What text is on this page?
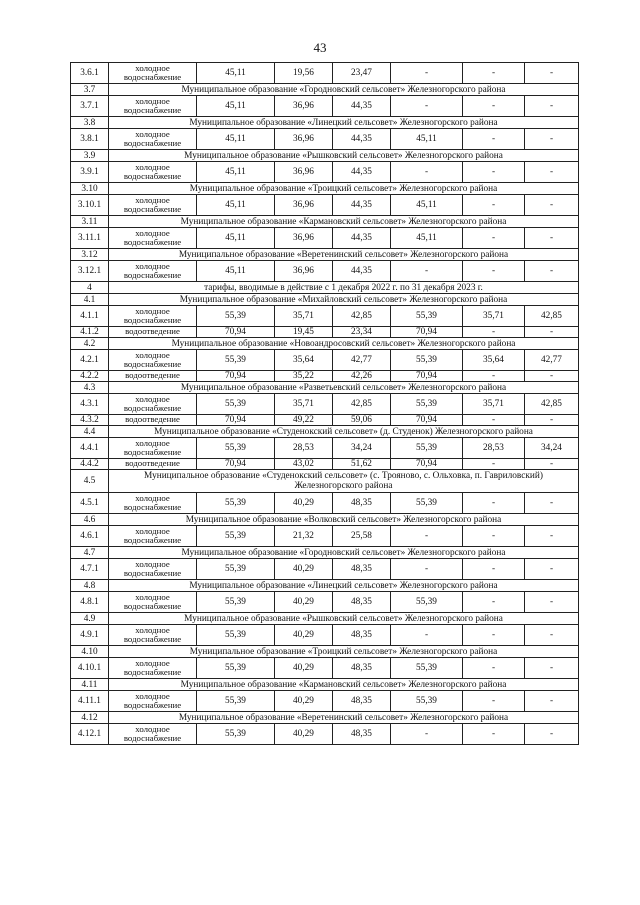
43
3.6.1	холодное водоснабжение	45,11	19,56	23,47	-	-	-
3.7	Муниципальное образование «Городновский сельсовет» Железногорского района						
3.7.1	холодное водоснабжение	45,11	36,96	44,35	-	-	-
3.8	Муниципальное образование «Линецкий сельсовет» Железногорского района						
3.8.1	холодное водоснабжение	45,11	36,96	44,35	45,11	-	-
3.9	Муниципальное образование «Рышковский сельсовет» Железногорского района						
3.9.1	холодное водоснабжение	45,11	36,96	44,35	-	-	-
3.10	Муниципальное образование «Троицкий сельсовет» Железногорского района						
3.10.1	холодное водоснабжение	45,11	36,96	44,35	45,11	-	-
3.11	Муниципальное образование «Кармановский сельсовет» Железногорского района						
3.11.1	холодное водоснабжение	45,11	36,96	44,35	45,11	-	-
3.12	Муниципальное образование «Веретенинский сельсовет» Железногорского района						
3.12.1	холодное водоснабжение	45,11	36,96	44,35	-	-	-
4	тарифы, вводимые в действие с 1 декабря 2022 г. по 31 декабря 2023 г.						
4.1	Муниципальное образование «Михайловский сельсовет» Железногорского района						
4.1.1	холодное водоснабжение	55,39	35,71	42,85	55,39	35,71	42,85
4.1.2	водоотведение	70,94	19,45	23,34	70,94	-	-
4.2	Муниципальное образование «Новоандросовский сельсовет» Железногорского района						
4.2.1	холодное водоснабжение	55,39	35,64	42,77	55,39	35,64	42,77
4.2.2	водоотведение	70,94	35,22	42,26	70,94	-	-
4.3	Муниципальное образование «Разветьевский сельсовет» Железногорского района						
4.3.1	холодное водоснабжение	55,39	35,71	42,85	55,39	35,71	42,85
4.3.2	водоотведение	70,94	49,22	59,06	70,94	-	-
4.4	Муниципальное образование «Студенокский сельсовет» (д. Студенок) Железногорского района						
4.4.1	холодное водоснабжение	55,39	28,53	34,24	55,39	28,53	34,24
4.4.2	водоотведение	70,94	43,02	51,62	70,94	-	-
4.5	Муниципальное образование «Студенокский сельсовет» (с. Трояново, с. Ольховка, п. Гавриловский) Железногорского района						
4.5.1	холодное водоснабжение	55,39	40,29	48,35	55,39	-	-
4.6	Муниципальное образование «Волковский сельсовет» Железногорского района						
4.6.1	холодное водоснабжение	55,39	21,32	25,58	-	-	-
4.7	Муниципальное образование «Городновский сельсовет» Железногорского района						
4.7.1	холодное водоснабжение	55,39	40,29	48,35	-	-	-
4.8	Муниципальное образование «Линецкий сельсовет» Железногорского района						
4.8.1	холодное водоснабжение	55,39	40,29	48,35	55,39	-	-
4.9	Муниципальное образование «Рышковский сельсовет» Железногорского района						
4.9.1	холодное водоснабжение	55,39	40,29	48,35	-	-	-
4.10	Муниципальное образование «Троицкий сельсовет» Железногорского района						
4.10.1	холодное водоснабжение	55,39	40,29	48,35	55,39	-	-
4.11	Муниципальное образование «Кармановский сельсовет» Железногорского района						
4.11.1	холодное водоснабжение	55,39	40,29	48,35	55,39	-	-
4.12	Муниципальное образование «Веретенинский сельсовет» Железногорского района						
4.12.1	холодное водоснабжение	55,39	40,29	48,35	-	-	-
